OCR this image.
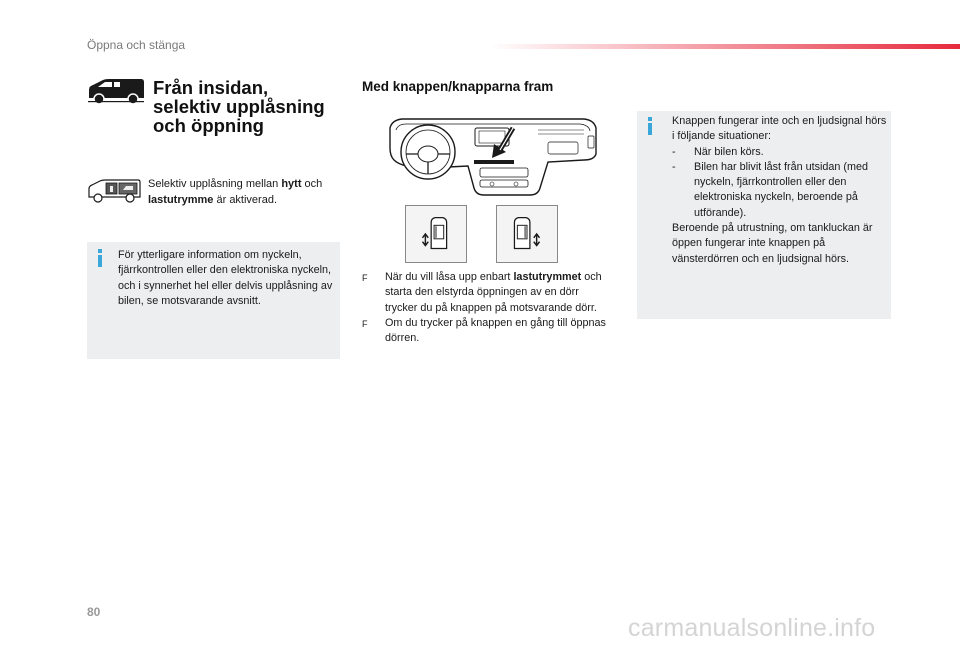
Öppna och stänga
Från insidan,
selektiv upplåsning
och öppning
Selektiv upplåsning mellan hytt och lastutrymme är aktiverad.
För ytterligare information om nyckeln, fjärrkontrollen eller den elektroniska nyckeln, och i synnerhet hel eller delvis upplåsning av bilen, se motsvarande avsnitt.
Med knappen/knapparna fram
F	När du vill låsa upp enbart lastutrymmet och starta den elstyrda öppningen av en dörr trycker du på knappen på motsvarande dörr.
F	Om du trycker på knappen en gång till öppnas dörren.
Knappen fungerar inte och en ljudsignal hörs i följande situationer:
-	När bilen körs.
-	Bilen har blivit låst från utsidan (med nyckeln, fjärrkontrollen eller den elektroniska nyckeln, beroende på utförande).
Beroende på utrustning, om tankluckan är öppen fungerar inte knappen på vänsterdörren och en ljudsignal hörs.
80
carmanualsonline.info
